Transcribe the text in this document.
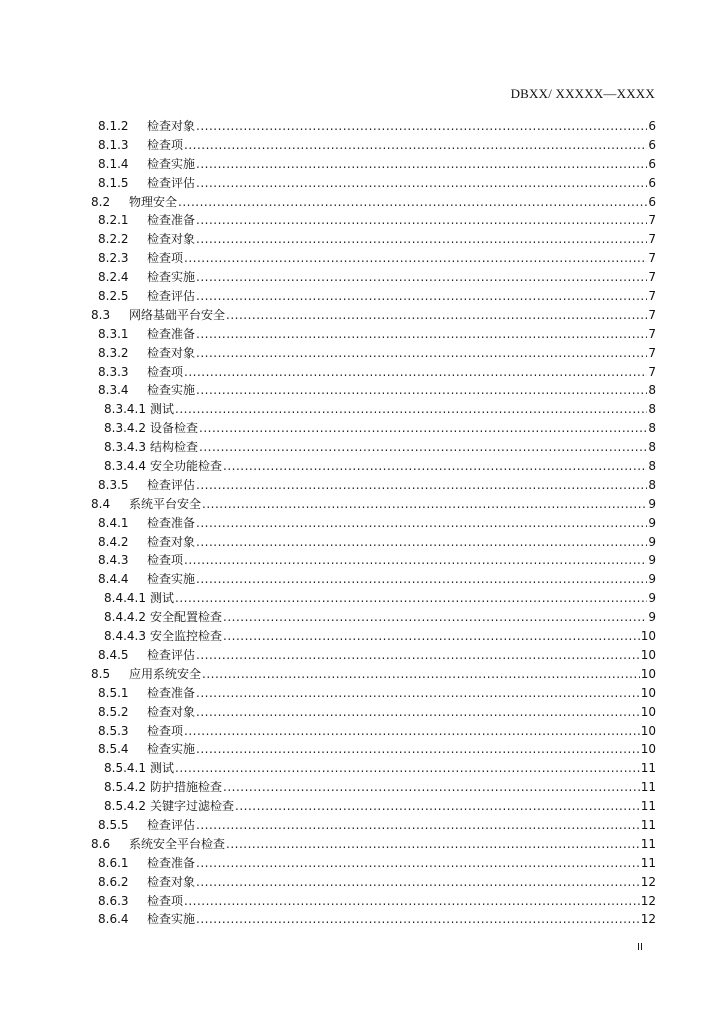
DBXX/ XXXXX—XXXX
8.1.2	检查对象 .....	6
8.1.3	检查项 .....	6
8.1.4	检查实施 .....	6
8.1.5	检查评估 .....	6
8.2	物理安全 .....	6
8.2.1	检查准备 .....	7
8.2.2	检查对象 .....	7
8.2.3	检查项 .....	7
8.2.4	检查实施 .....	7
8.2.5	检查评估 .....	7
8.3	网络基础平台安全 .....	7
8.3.1	检查准备 .....	7
8.3.2	检查对象 .....	7
8.3.3	检查项 .....	7
8.3.4	检查实施 .....	8
8.3.4.1 测试 .....	8
8.3.4.2 设备检查 .....	8
8.3.4.3 结构检查 .....	8
8.3.4.4 安全功能检查 .....	8
8.3.5	检查评估 .....	8
8.4	系统平台安全 .....	9
8.4.1	检查准备 .....	9
8.4.2	检查对象 .....	9
8.4.3	检查项 .....	9
8.4.4	检查实施 .....	9
8.4.4.1 测试 .....	9
8.4.4.2 安全配置检查 .....	9
8.4.4.3 安全监控检查 .....	10
8.4.5	检查评估 .....	10
8.5	应用系统安全 .....	10
8.5.1	检查准备 .....	10
8.5.2	检查对象 .....	10
8.5.3	检查项 .....	10
8.5.4	检查实施 .....	10
8.5.4.1 测试 .....	11
8.5.4.2 防护措施检查 .....	11
8.5.4.2 关键字过滤检查 .....	11
8.5.5	检查评估 .....	11
8.6	系统安全平台检查 .....	11
8.6.1	检查准备 .....	11
8.6.2	检查对象 .....	12
8.6.3	检查项 .....	12
8.6.4	检查实施 .....	12
II
